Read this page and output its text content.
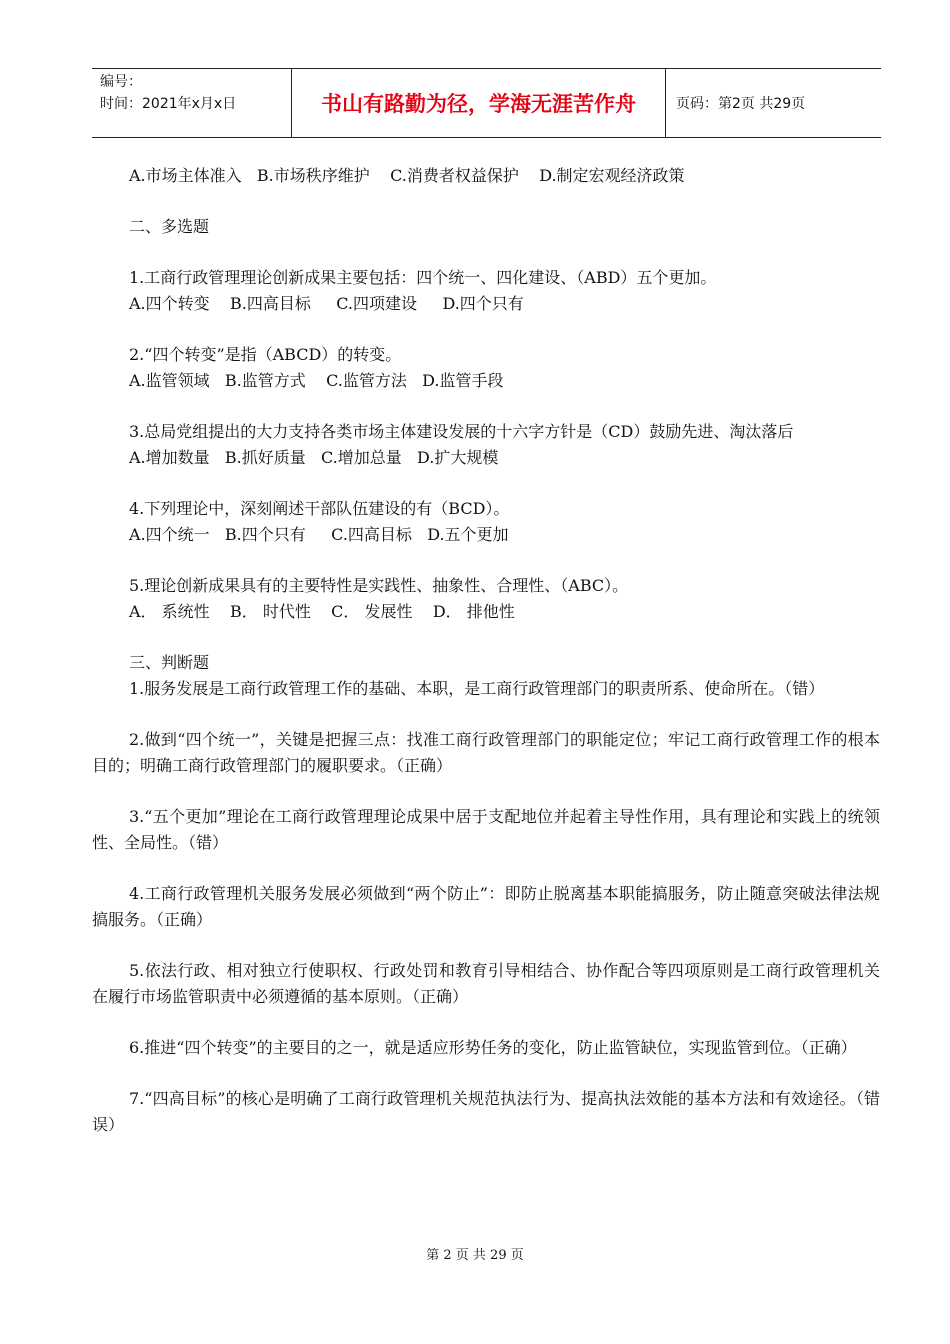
编号：
时间：2021年x月x日	书山有路勤为径，学海无涯苦作舟	页码：第2页 共29页

A.市场主体准入   B.市场秩序维护    C.消费者权益保护    D.制定宏观经济政策

二、多选题

1.工商行政管理理论创新成果主要包括：四个统一、四化建设、（ABD）五个更加。

A.四个转变    B.四高目标     C.四项建设     D.四个只有

2.“四个转变”是指（ABCD）的转变。

A.监管领域   B.监管方式    C.监管方法   D.监管手段

3.总局党组提出的大力支持各类市场主体建设发展的十六字方针是（CD）鼓励先进、淘汰落后

A.增加数量   B.抓好质量   C.增加总量   D.扩大规模

4.下列理论中，深刻阐述干部队伍建设的有（BCD）。

A.四个统一   B.四个只有     C.四高目标   D.五个更加

5.理论创新成果具有的主要特性是实践性、抽象性、合理性、（ABC）。

A． 系统性    B． 时代性    C． 发展性    D． 排他性

三、判断题

1.服务发展是工商行政管理工作的基础、本职，是工商行政管理部门的职责所系、使命所在。（错）

2.做到“四个统一”，关键是把握三点：找准工商行政管理部门的职能定位；牢记工商行政管理工作的根本目的；明确工商行政管理部门的履职要求。（正确）

3.“五个更加”理论在工商行政管理理论成果中居于支配地位并起着主导性作用，具有理论和实践上的统领性、全局性。（错）

4.工商行政管理机关服务发展必须做到“两个防止”：即防止脱离基本职能搞服务，防止随意突破法律法规搞服务。（正确）

5.依法行政、相对独立行使职权、行政处罚和教育引导相结合、协作配合等四项原则是工商行政管理机关在履行市场监管职责中必须遵循的基本原则。（正确）

6.推进“四个转变”的主要目的之一，就是适应形势任务的变化，防止监管缺位，实现监管到位。（正确）

7.“四高目标”的核心是明确了工商行政管理机关规范执法行为、提高执法效能的基本方法和有效途径。（错误）

第 2 页 共 29 页
